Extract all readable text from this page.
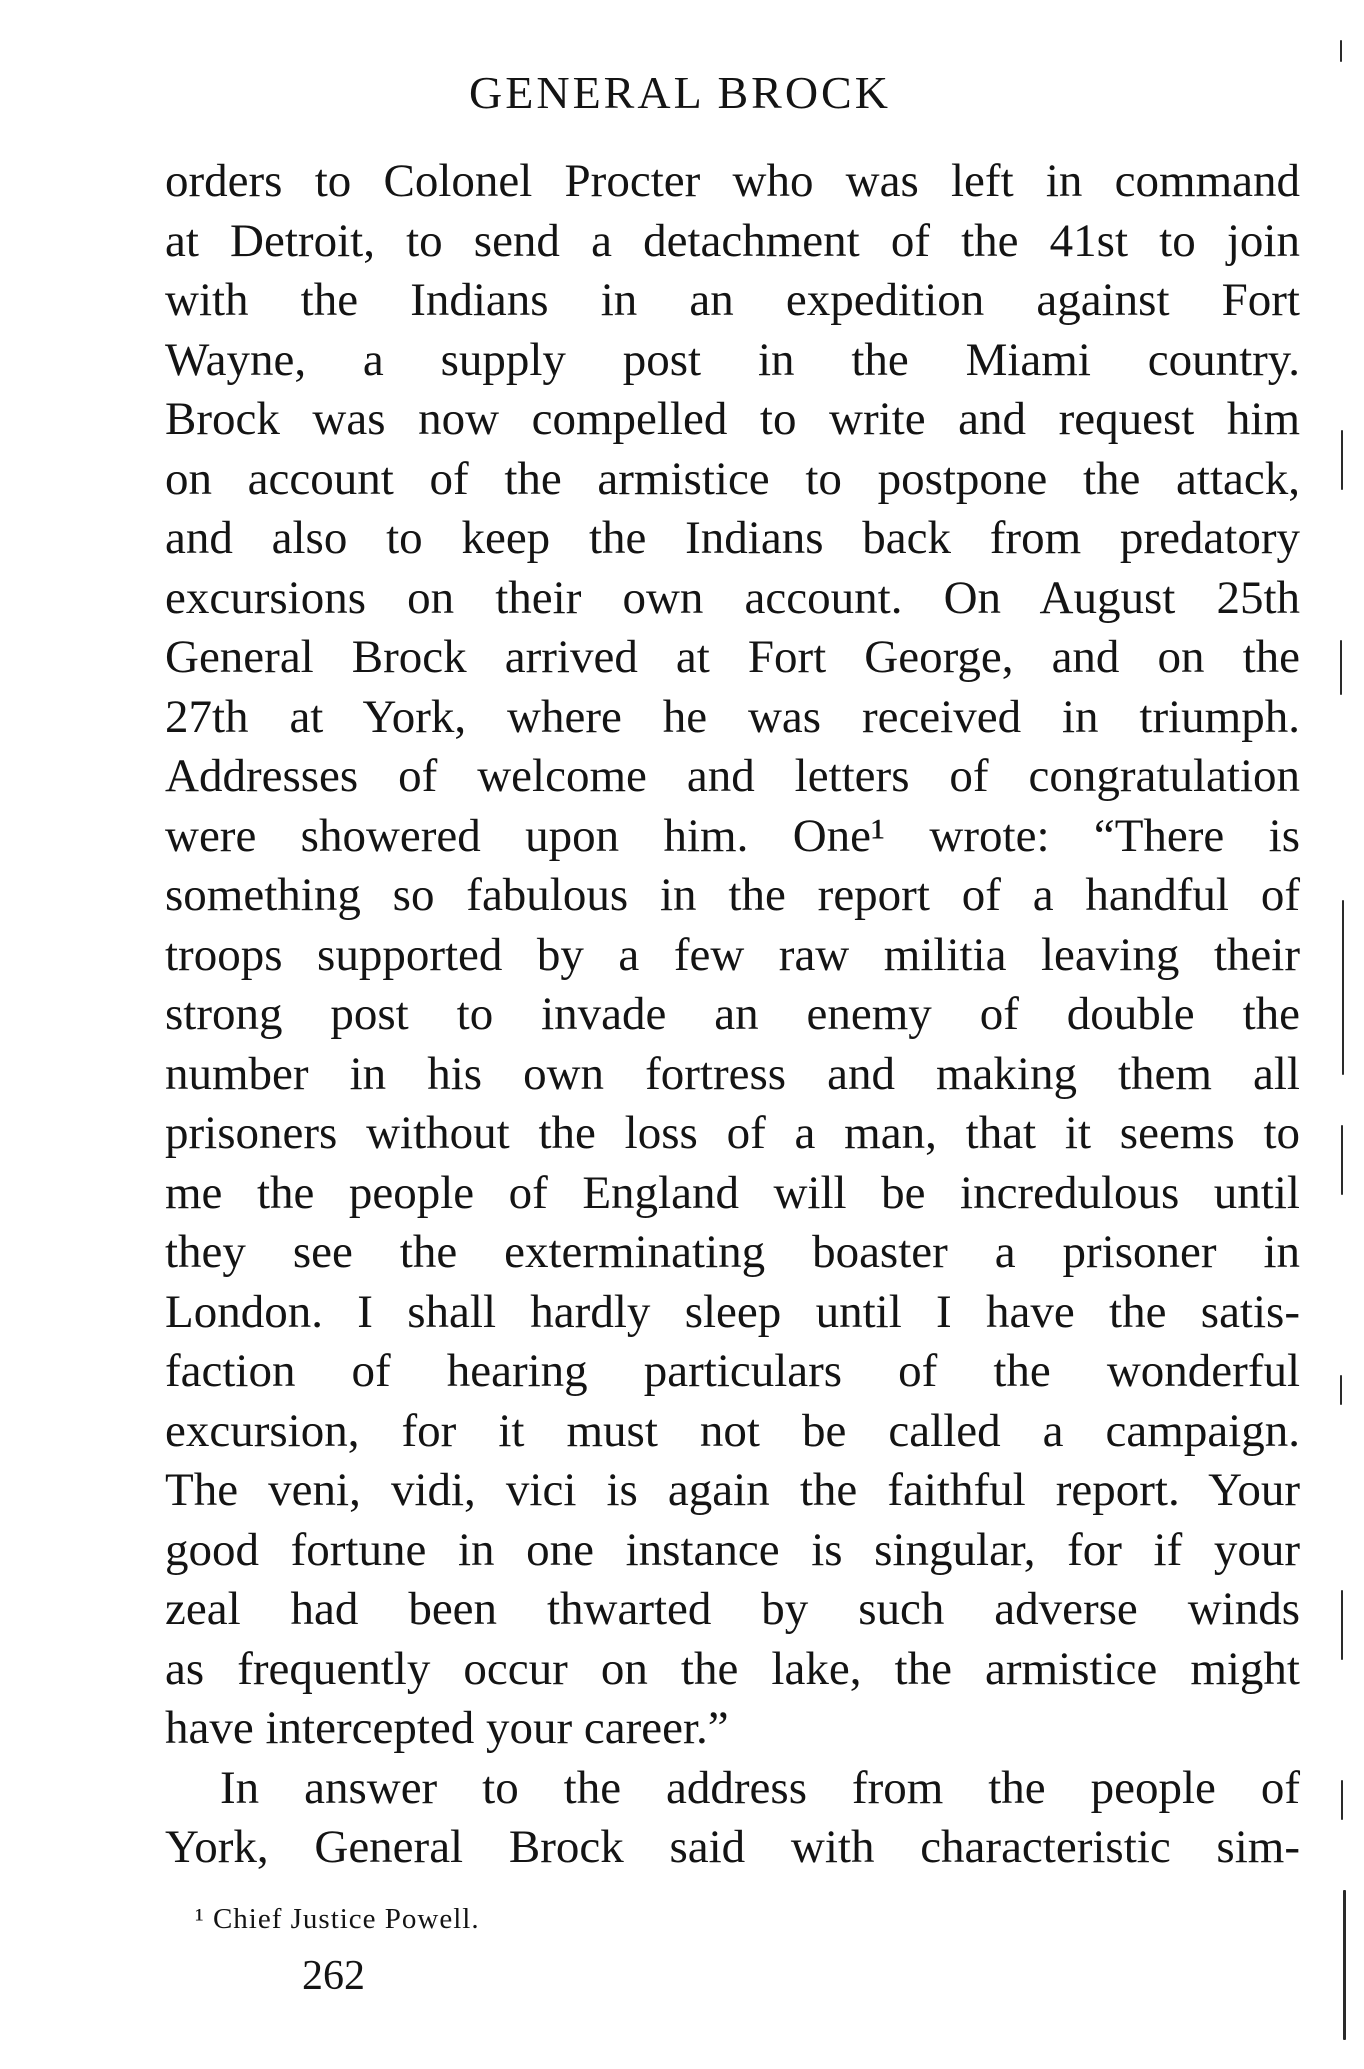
GENERAL BROCK
orders to Colonel Procter who was left in command
at Detroit, to send a detachment of the 41st to join
with the Indians in an expedition against Fort
Wayne, a supply post in the Miami country.
Brock was now compelled to write and request him
on account of the armistice to postpone the attack,
and also to keep the Indians back from predatory
excursions on their own account. On August 25th
General Brock arrived at Fort George, and on the
27th at York, where he was received in triumph.
Addresses of welcome and letters of congratulation
were showered upon him. One¹ wrote: “There is
something so fabulous in the report of a handful of
troops supported by a few raw militia leaving their
strong post to invade an enemy of double the
number in his own fortress and making them all
prisoners without the loss of a man, that it seems to
me the people of England will be incredulous until
they see the exterminating boaster a prisoner in
London. I shall hardly sleep until I have the satis-
faction of hearing particulars of the wonderful
excursion, for it must not be called a campaign.
The veni, vidi, vici is again the faithful report. Your
good fortune in one instance is singular, for if your
zeal had been thwarted by such adverse winds
as frequently occur on the lake, the armistice might
have intercepted your career.”
In answer to the address from the people of
York, General Brock said with characteristic sim-
¹ Chief Justice Powell.
262
